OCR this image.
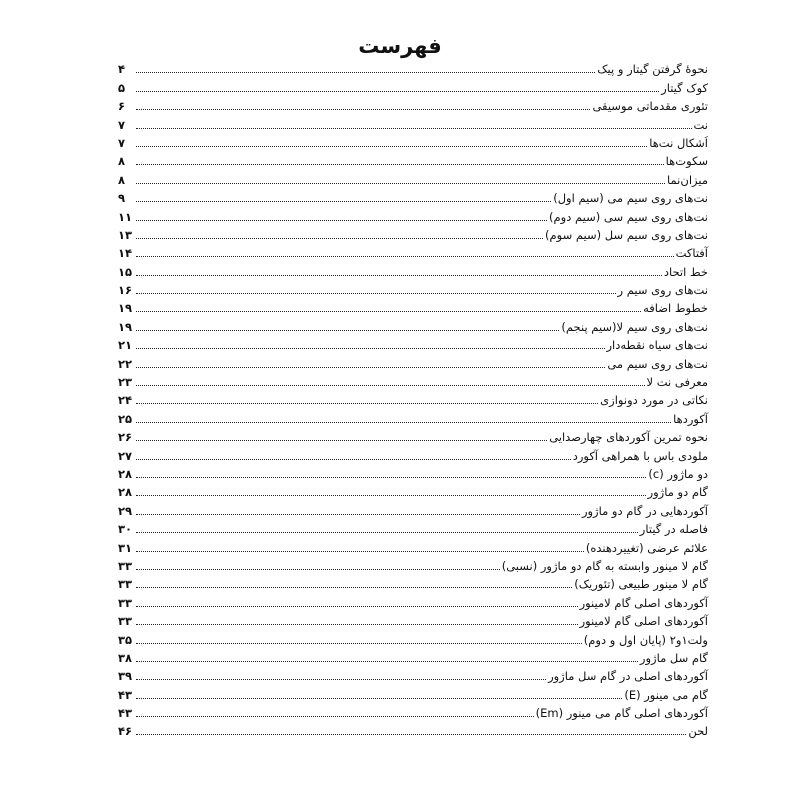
فهرست
نحوۀ گرفتن گیتار و پیک
۴
کوک گیتار
۵
تئوری مقدماتی موسیقی
۶
نت
۷
اَشکال نت‌ها
۷
سکوت‌ها
۸
میزان‌نما
۸
نت‌های روی سیم می (سیم اول)
۹
نت‌های روی سیم سی (سیم دوم)
۱۱
نت‌های روی سیم سل (سیم سوم)
۱۳
آفتاکت
۱۴
خط اتحاد
۱۵
نت‌های روی سیم ر
۱۶
خطوط اضافه
۱۹
نت‌های روی سیم لا(سیم پنجم)
۱۹
نت‌های سیاه نقطه‌دار
۲۱
نت‌های روی سیم می
۲۲
معرفی نت لا
۲۳
نکاتی در مورد دونوازی
۲۴
آکوردها
۲۵
نحوه تمرین آکوردهای چهارصدایی
۲۶
ملودی باس با همراهی آکورد
۲۷
دو ماژور (c)
۲۸
گام دو ماژور
۲۸
آکوردهایی در گام دو ماژور
۲۹
فاصله در گیتار
۳۰
علائم عرضی (تغییردهنده)
۳۱
گام لا مینور وابسته به گام دو ماژور (نسبی)
۳۳
گام لا مینور طبیعی (تئوریک)
۳۳
آکوردهای اصلی گام لامینور
۳۳
آکوردهای اصلی گام لامینور
۳۳
ولت۱و۲ (پایان اول و دوم)
۳۵
گام سل ماژور
۳۸
آکوردهای اصلی در گام سل ماژور
۳۹
گام می مینور (E)
۴۳
آکوردهای اصلی گام می مینور (Em)
۴۳
لحن
۴۶
